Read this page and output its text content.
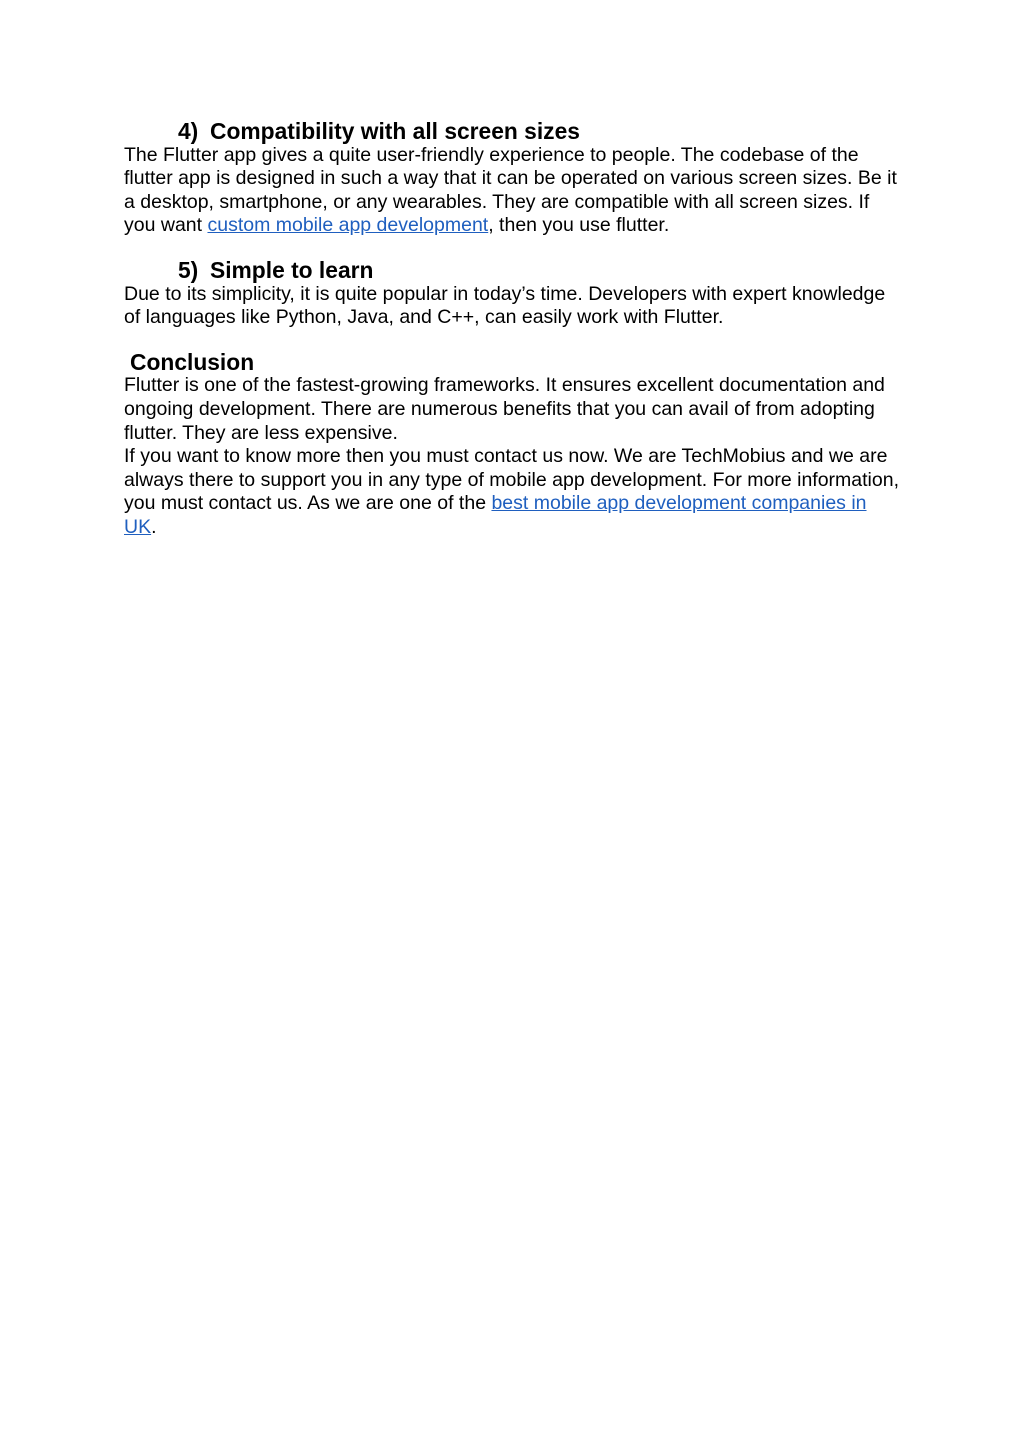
4) Compatibility with all screen sizes

The Flutter app gives a quite user-friendly experience to people. The codebase of the flutter app is designed in such a way that it can be operated on various screen sizes. Be it a desktop, smartphone, or any wearables. They are compatible with all screen sizes. If you want custom mobile app development, then you use flutter.

5) Simple to learn

Due to its simplicity, it is quite popular in today’s time. Developers with expert knowledge of languages like Python, Java, and C++, can easily work with Flutter.

Conclusion

Flutter is one of the fastest-growing frameworks. It ensures excellent documentation and ongoing development. There are numerous benefits that you can avail of from adopting flutter. They are less expensive.

If you want to know more then you must contact us now. We are TechMobius and we are always there to support you in any type of mobile app development. For more information, you must contact us. As we are one of the best mobile app development companies in UK.
